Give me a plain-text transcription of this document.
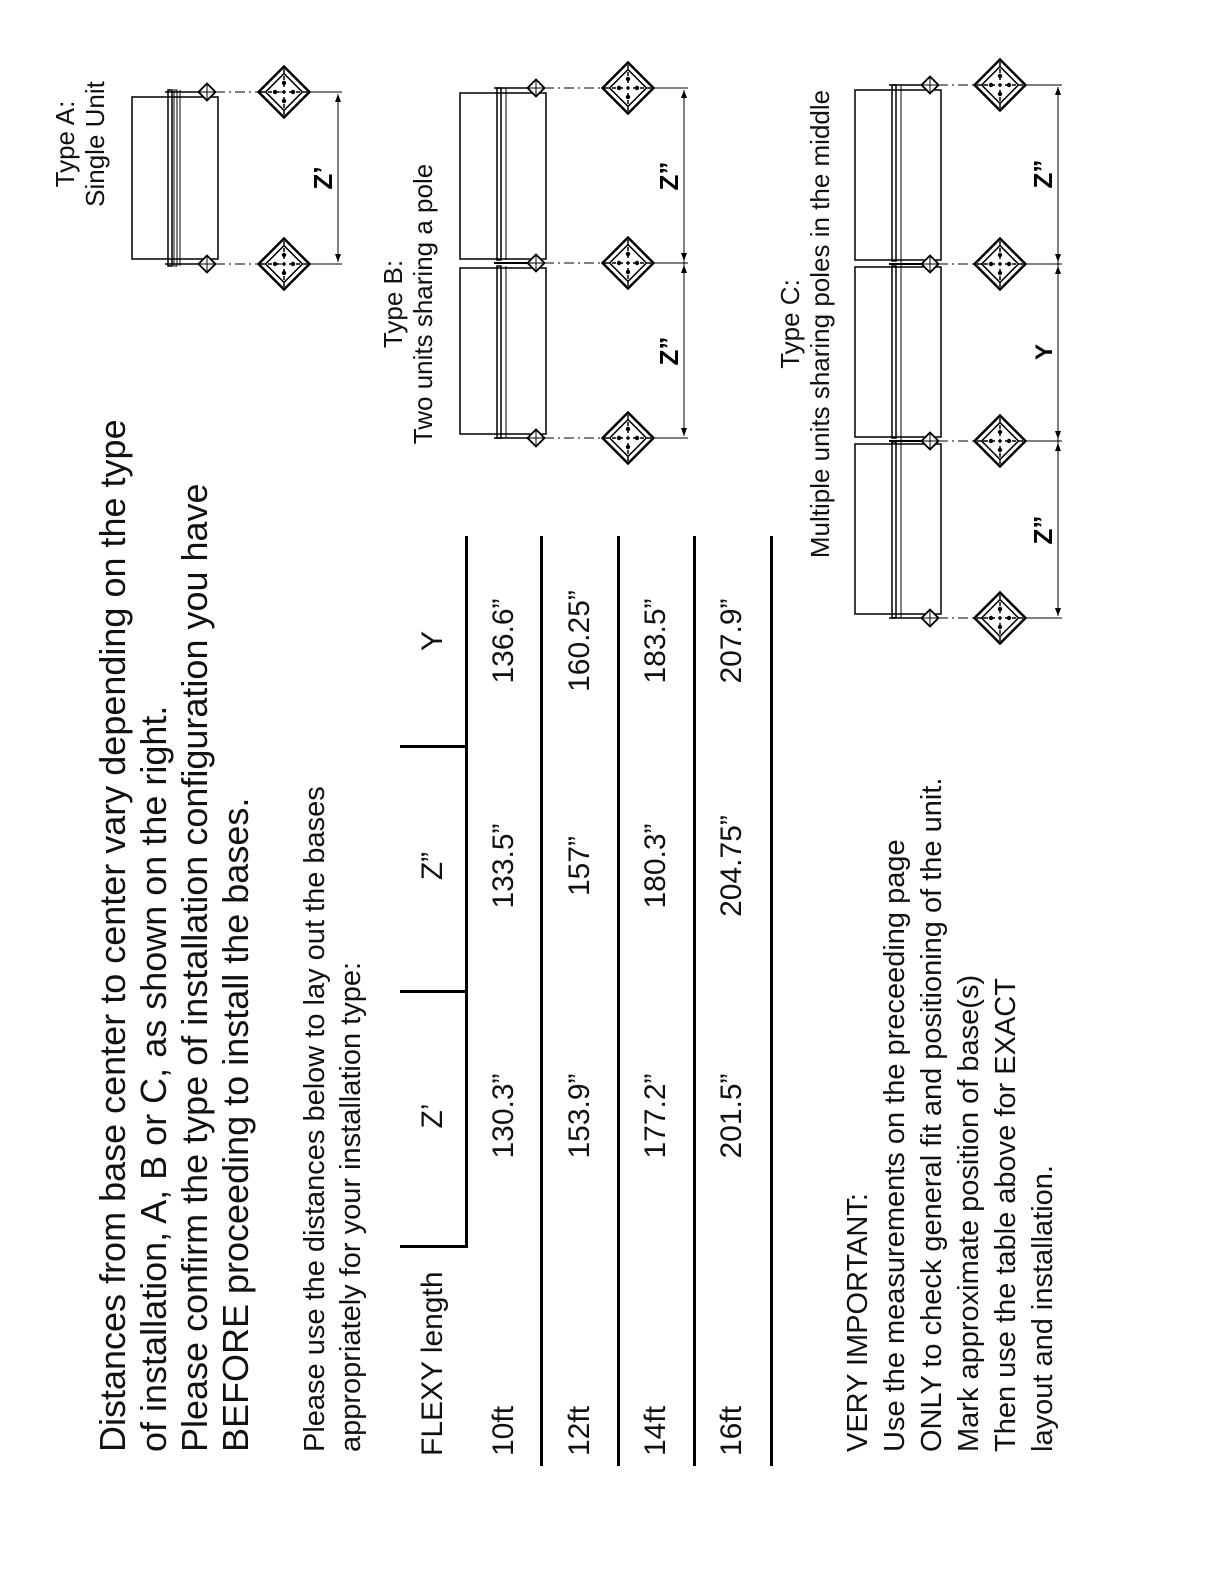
Distances from base center to center vary depending on the type of installation, A, B or C, as shown on the right. Please confirm the type of installation configuration you have BEFORE proceeding to install the bases. Please use the distances below to lay out the bases appropriately for your installation type: FLEXY length
Z’
Z”
Y
10ft
130.3”
133.5”
136.6”
12ft
153.9”
157”
160.25”
14ft
177.2”
180.3”
183.5”
16ft
201.5”
204.75”
207.9”

VERY IMPORTANT: Use the measurements on the preceeding page ONLY to check general fit and positioning of the unit. Mark approximate position of base(s) Then use the table above for EXACT layout and installation.

Type A: Single Unit
Type B: Two units sharing a pole	Type C: Multiple units sharing poles in the middle
Z’
Z”
Z”
Z”
Y
Z”
